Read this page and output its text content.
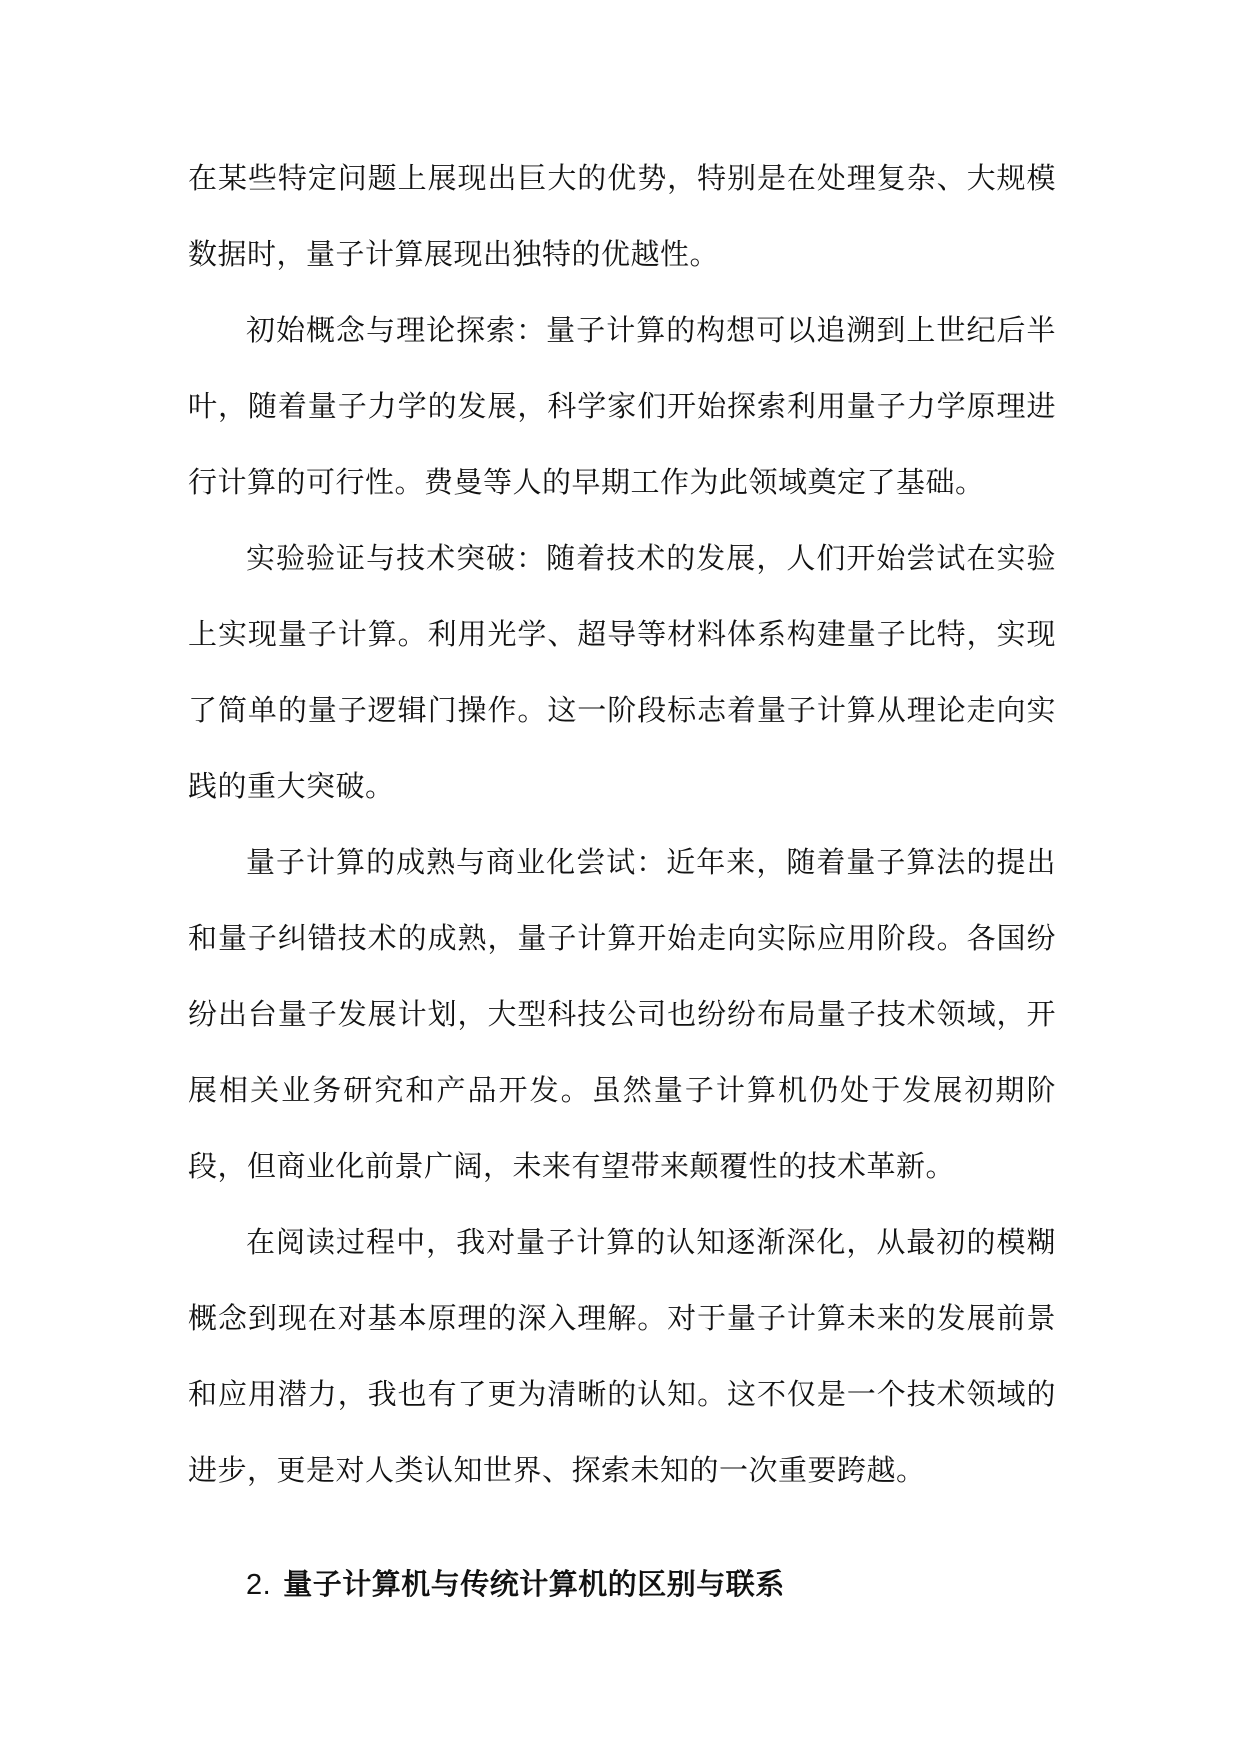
在某些特定问题上展现出巨大的优势，特别是在处理复杂、大规模数据时，量子计算展现出独特的优越性。

初始概念与理论探索：量子计算的构想可以追溯到上世纪后半叶，随着量子力学的发展，科学家们开始探索利用量子力学原理进行计算的可行性。费曼等人的早期工作为此领域奠定了基础。

实验验证与技术突破：随着技术的发展，人们开始尝试在实验上实现量子计算。利用光学、超导等材料体系构建量子比特，实现了简单的量子逻辑门操作。这一阶段标志着量子计算从理论走向实践的重大突破。

量子计算的成熟与商业化尝试：近年来，随着量子算法的提出和量子纠错技术的成熟，量子计算开始走向实际应用阶段。各国纷纷出台量子发展计划，大型科技公司也纷纷布局量子技术领域，开展相关业务研究和产品开发。虽然量子计算机仍处于发展初期阶段，但商业化前景广阔，未来有望带来颠覆性的技术革新。

在阅读过程中，我对量子计算的认知逐渐深化，从最初的模糊概念到现在对基本原理的深入理解。对于量子计算未来的发展前景和应用潜力，我也有了更为清晰的认知。这不仅是一个技术领域的进步，更是对人类认知世界、探索未知的一次重要跨越。

2. 量子计算机与传统计算机的区别与联系
